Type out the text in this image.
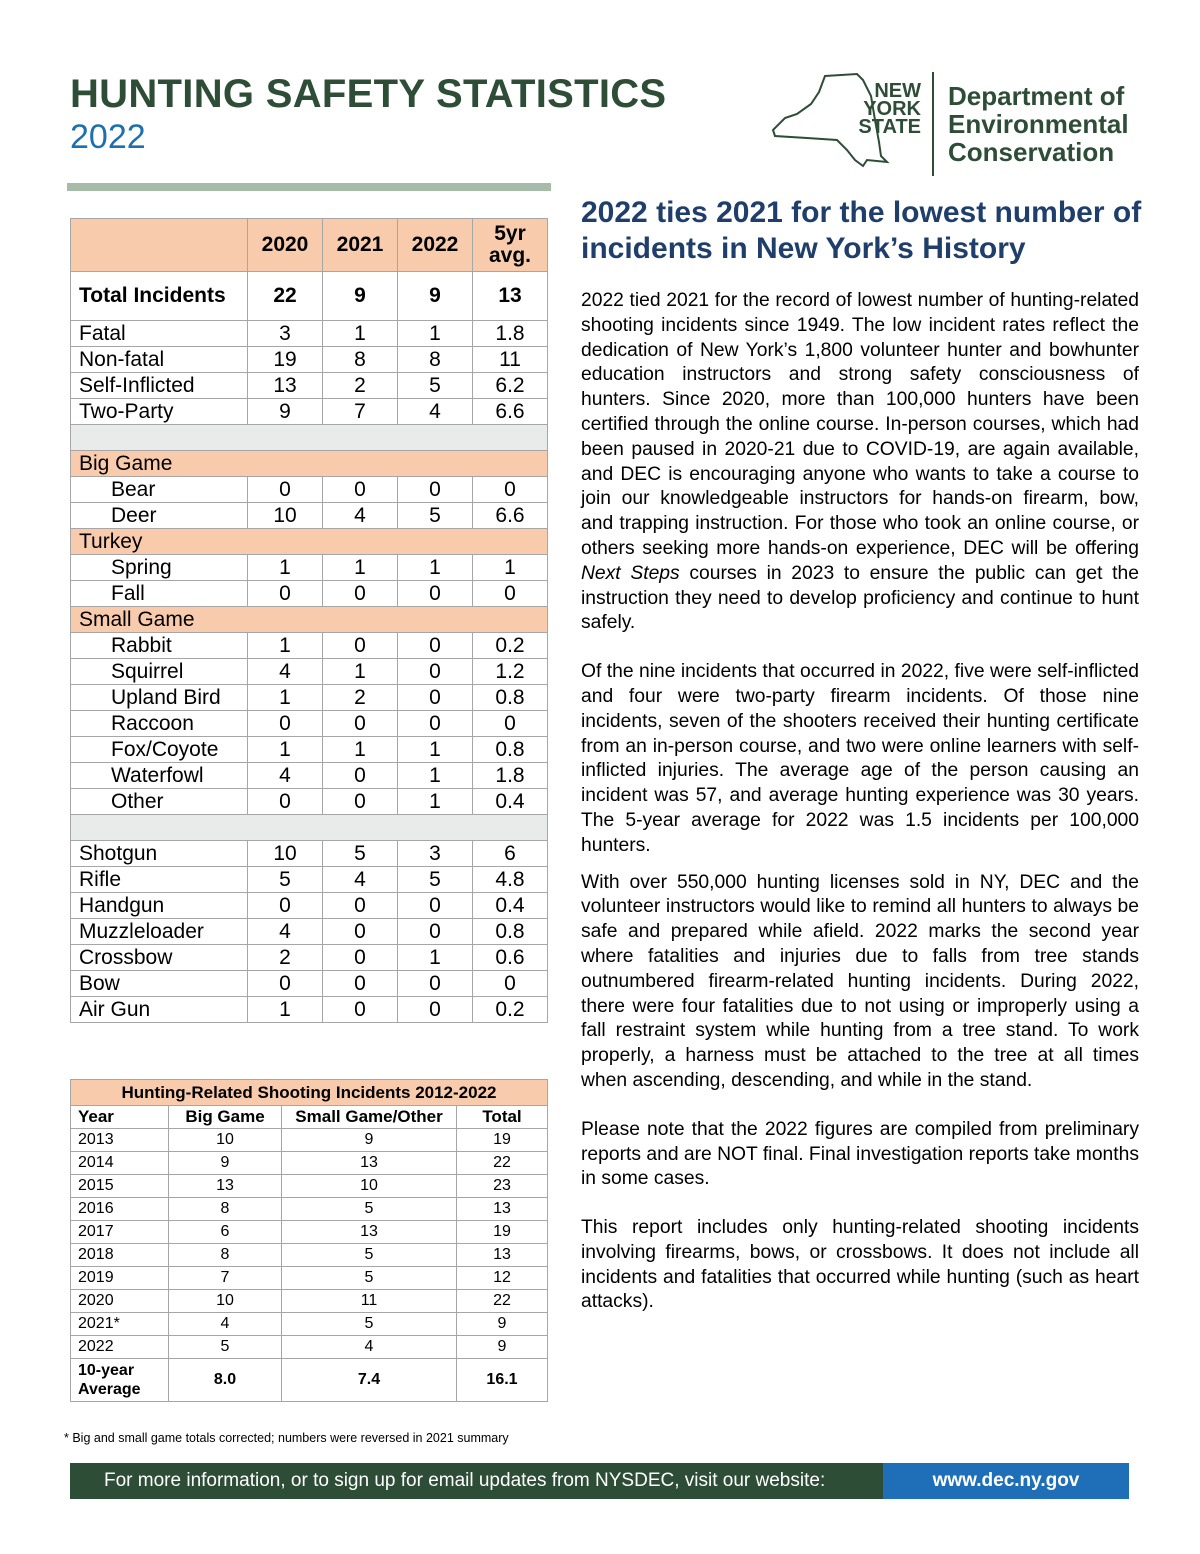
HUNTING SAFETY STATISTICS
2022
NEW
YORK
STATE
Department of
Environmental
Conservation
	2020	2021	2022	5yr avg.
Total Incidents	22	9	9	13
Fatal	3	1	1	1.8
Non-fatal	19	8	8	11
Self-Inflicted	13	2	5	6.2
Two-Party	9	7	4	6.6

Big Game				
Bear	0	0	0	0
Deer	10	4	5	6.6
Turkey				
Spring	1	1	1	1
Fall	0	0	0	0
Small Game				
Rabbit	1	0	0	0.2
Squirrel	4	1	0	1.2
Upland Bird	1	2	0	0.8
Raccoon	0	0	0	0
Fox/Coyote	1	1	1	0.8
Waterfowl	4	0	1	1.8
Other	0	0	1	0.4

Shotgun	10	5	3	6
Rifle	5	4	5	4.8
Handgun	0	0	0	0.4
Muzzleloader	4	0	0	0.8
Crossbow	2	0	1	0.6
Bow	0	0	0	0
Air Gun	1	0	0	0.2
Hunting-Related Shooting Incidents 2012-2022			
Year	Big Game	Small Game/Other	Total
2013	10	9	19
2014	9	13	22
2015	13	10	23
2016	8	5	13
2017	6	13	19
2018	8	5	13
2019	7	5	12
2020	10	11	22
2021*	4	5	9
2022	5	4	9

10-year
Average	8.0	7.4	16.1
* Big and small game totals corrected; numbers were reversed in 2021 summary
2022 ties 2021 for the lowest number of incidents in New York’s History

2022 tied 2021 for the record of lowest number of hunting-related shooting incidents since 1949. The low incident rates reflect the dedication of New York’s 1,800 volunteer hunter and bowhunter education instructors and strong safety consciousness of hunters. Since 2020, more than 100,000 hunters have been certified through the online course. In-person courses, which had been paused in 2020-21 due to COVID-19, are again available, and DEC is encouraging anyone who wants to take a course to join our knowledgeable instructors for hands-on firearm, bow, and trapping instruction. For those who took an online course, or others seeking more hands-on experience, DEC will be offering Next Steps courses in 2023 to ensure the public can get the instruction they need to develop proficiency and continue to hunt safely.

Of the nine incidents that occurred in 2022, five were self-inflicted and four were two-party firearm incidents. Of those nine incidents, seven of the shooters received their hunting certificate from an in-person course, and two were online learners with self-inflicted injuries. The average age of the person causing an incident was 57, and average hunting experience was 30 years. The 5-year average for 2022 was 1.5 incidents per 100,000 hunters.

With over 550,000 hunting licenses sold in NY, DEC and the volunteer instructors would like to remind all hunters to always be safe and prepared while afield. 2022 marks the second year where fatalities and injuries due to falls from tree stands outnumbered firearm-related hunting incidents. During 2022, there were four fatalities due to not using or improperly using a fall restraint system while hunting from a tree stand. To work properly, a harness must be attached to the tree at all times when ascending, descending, and while in the stand.

Please note that the 2022 figures are compiled from preliminary reports and are NOT final. Final investigation reports take months in some cases.

This report includes only hunting-related shooting incidents involving firearms, bows, or crossbows. It does not include all incidents and fatalities that occurred while hunting (such as heart attacks).

For more information, or to sign up for email updates from NYSDEC, visit our website:	www.dec.ny.gov
